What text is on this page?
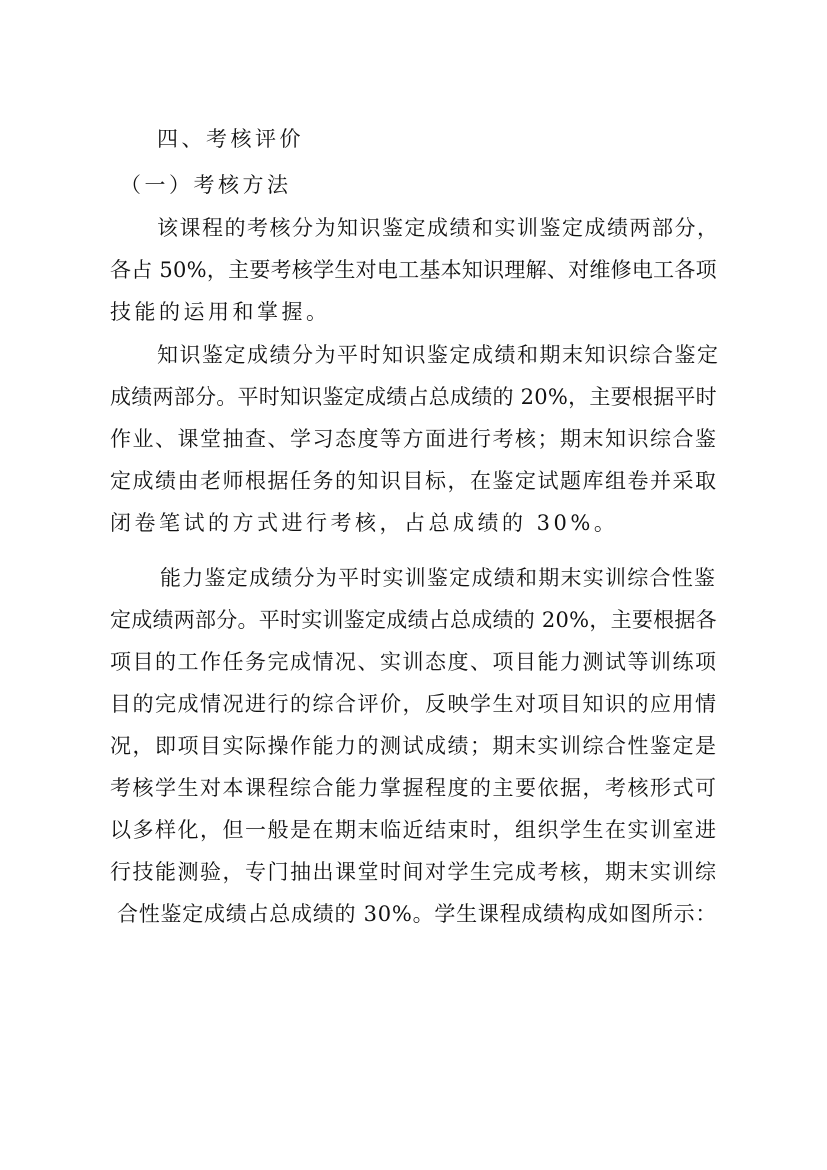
四、考核评价
（一）考核方法
该课程的考核分为知识鉴定成绩和实训鉴定成绩两部分，
各占 50%，主要考核学生对电工基本知识理解、对维修电工各项
技能的运用和掌握。
知识鉴定成绩分为平时知识鉴定成绩和期末知识综合鉴定
成绩两部分。平时知识鉴定成绩占总成绩的 20%，主要根据平时
作业、课堂抽查、学习态度等方面进行考核；期末知识综合鉴
定成绩由老师根据任务的知识目标，在鉴定试题库组卷并采取
闭卷笔试的方式进行考核，占总成绩的 30%。
能力鉴定成绩分为平时实训鉴定成绩和期末实训综合性鉴
定成绩两部分。平时实训鉴定成绩占总成绩的 20%，主要根据各
项目的工作任务完成情况、实训态度、项目能力测试等训练项
目的完成情况进行的综合评价，反映学生对项目知识的应用情
况，即项目实际操作能力的测试成绩；期末实训综合性鉴定是
考核学生对本课程综合能力掌握程度的主要依据，考核形式可
以多样化，但一般是在期末临近结束时，组织学生在实训室进
行技能测验，专门抽出课堂时间对学生完成考核，期末实训综
合性鉴定成绩占总成绩的 30%。学生课程成绩构成如图所示：
